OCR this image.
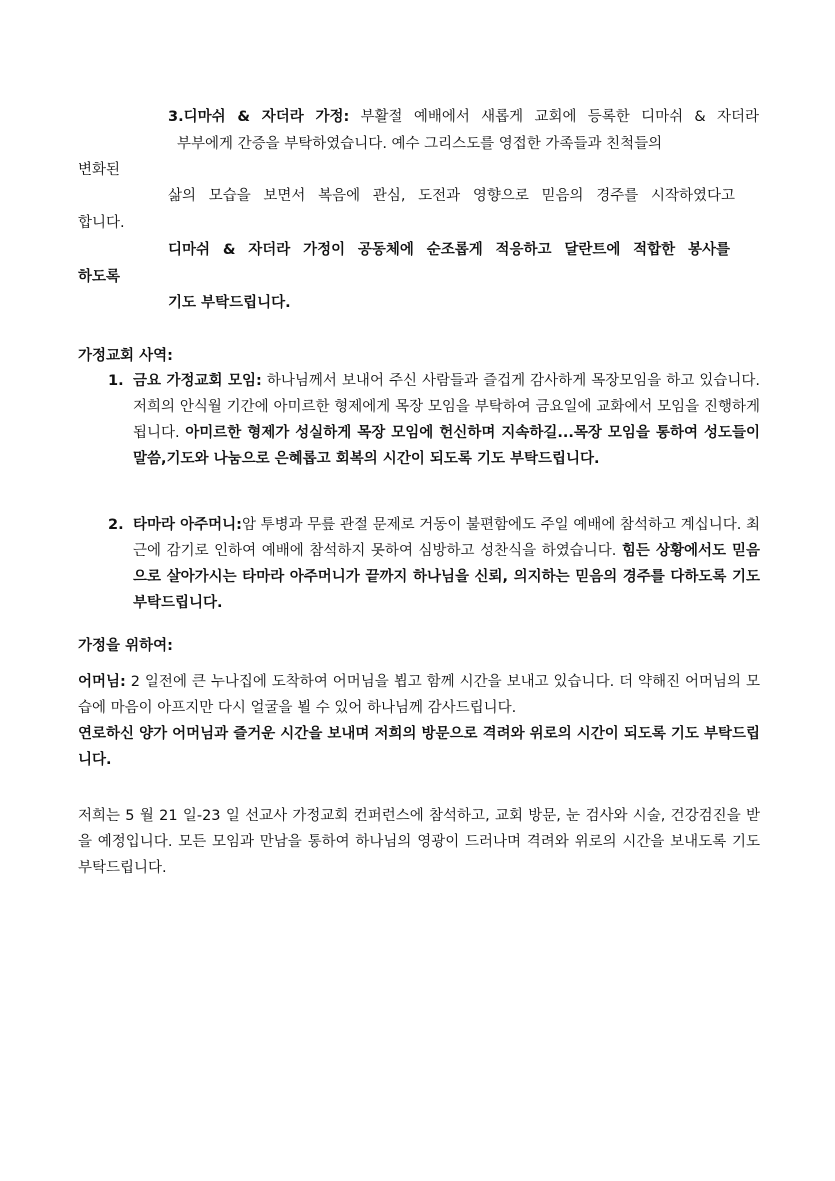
3.디마쉬 & 자더라 가정: 부활절 예배에서 새롭게 교회에 등록한 디마쉬 & 자더라
부부에게 간증을 부탁하였습니다. 예수 그리스도를 영접한 가족들과 친척들의
변화된
삶의 모습을 보면서 복음에 관심, 도전과 영향으로 믿음의 경주를 시작하였다고
합니다.
디마쉬 & 자더라 가정이 공동체에 순조롭게 적응하고 달란트에 적합한 봉사를
하도록
기도 부탁드립니다.
가정교회 사역:
1. 금요 가정교회 모임: 하나님께서 보내어 주신 사람들과 즐겁게 감사하게 목장모임을 하고 있습니다. 저희의 안식월 기간에 아미르한 형제에게 목장 모임을 부탁하여 금요일에 교화에서 모임을 진행하게 됩니다. 아미르한 형제가 성실하게 목장 모임에 헌신하며 지속하길...목장 모임을 통하여 성도들이 말씀,기도와 나눔으로 은혜롭고 회복의 시간이 되도록 기도 부탁드립니다.
2. 타마라 아주머니:암 투병과 무릎 관절 문제로 거동이 불편함에도 주일 예배에 참석하고 계십니다. 최근에 감기로 인하여 예배에 참석하지 못하여 심방하고 성찬식을 하였습니다. 힘든 상황에서도 믿음으로 살아가시는 타마라 아주머니가 끝까지 하나님을 신뢰, 의지하는 믿음의 경주를 다하도록 기도 부탁드립니다.
가정을 위하여:
어머님: 2 일전에 큰 누나집에 도착하여 어머님을 뵙고 함께 시간을 보내고 있습니다. 더 약해진 어머님의 모습에 마음이 아프지만 다시 얼굴을 뵐 수 있어 하나님께 감사드립니다.
연로하신 양가 어머님과 즐거운 시간을 보내며 저희의 방문으로 격려와 위로의 시간이 되도록 기도 부탁드립니다.
저희는 5 월 21 일-23 일 선교사 가정교회 컨퍼런스에 참석하고, 교회 방문, 눈 검사와 시술, 건강검진을 받을 예정입니다. 모든 모임과 만남을 통하여 하나님의 영광이 드러나며 격려와 위로의 시간을 보내도록 기도 부탁드립니다.
